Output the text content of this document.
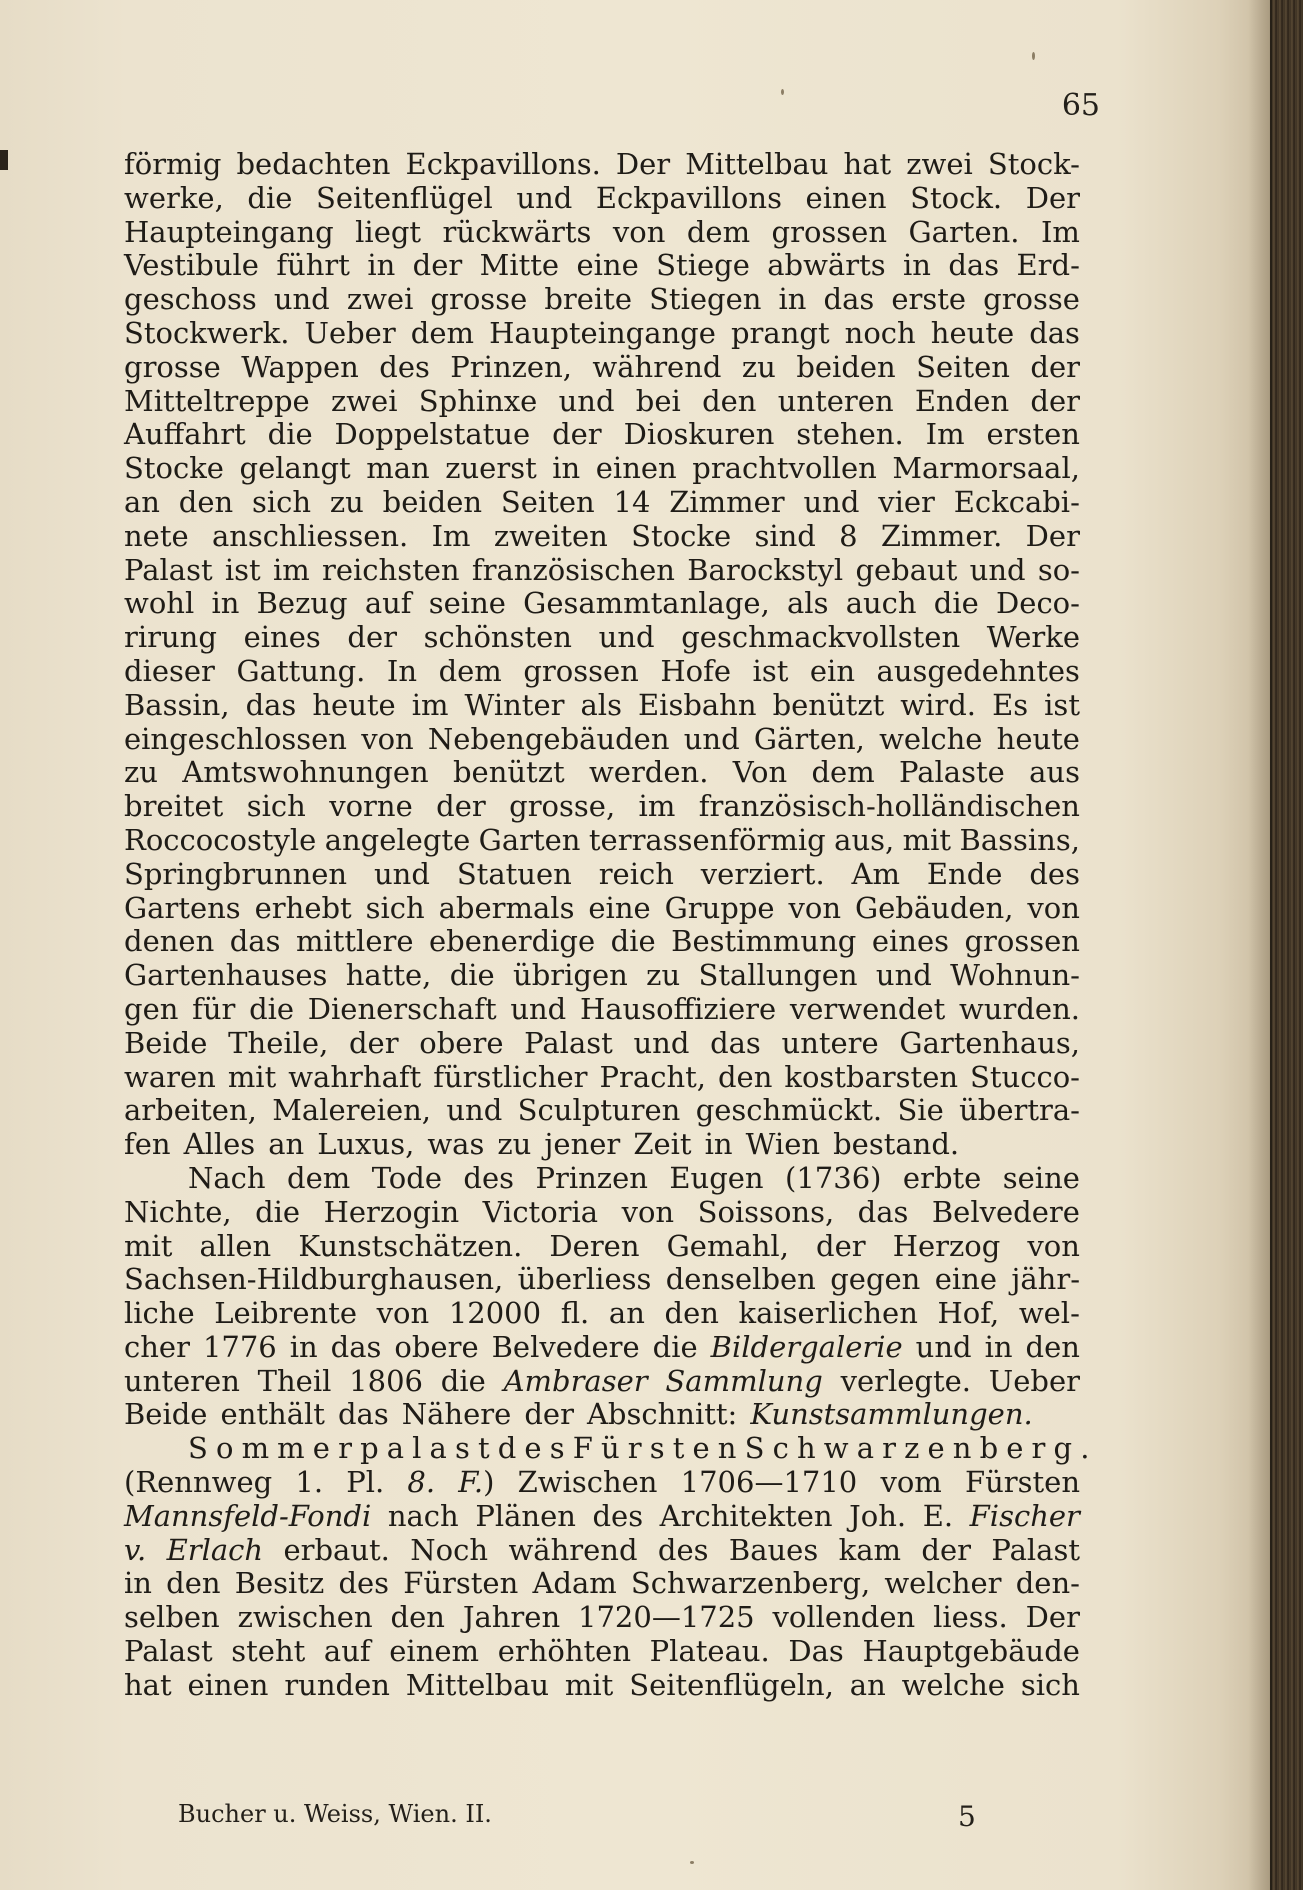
65
förmig bedachten Eckpavillons. Der Mittelbau hat zwei Stock-
werke, die Seitenflügel und Eckpavillons einen Stock. Der
Haupteingang liegt rückwärts von dem grossen Garten. Im
Vestibule führt in der Mitte eine Stiege abwärts in das Erd-
geschoss und zwei grosse breite Stiegen in das erste grosse
Stockwerk. Ueber dem Haupteingange prangt noch heute das
grosse Wappen des Prinzen, während zu beiden Seiten der
Mitteltreppe zwei Sphinxe und bei den unteren Enden der
Auffahrt die Doppelstatue der Dioskuren stehen. Im ersten
Stocke gelangt man zuerst in einen prachtvollen Marmorsaal,
an den sich zu beiden Seiten 14 Zimmer und vier Eckcabi-
nete anschliessen. Im zweiten Stocke sind 8 Zimmer. Der
Palast ist im reichsten französischen Barockstyl gebaut und so-
wohl in Bezug auf seine Gesammtanlage, als auch die Deco-
rirung eines der schönsten und geschmackvollsten Werke
dieser Gattung. In dem grossen Hofe ist ein ausgedehntes
Bassin, das heute im Winter als Eisbahn benützt wird. Es ist
eingeschlossen von Nebengebäuden und Gärten, welche heute
zu Amtswohnungen benützt werden. Von dem Palaste aus
breitet sich vorne der grosse, im französisch-holländischen
Roccocostyle angelegte Garten terrassenförmig aus, mit Bassins,
Springbrunnen und Statuen reich verziert. Am Ende des
Gartens erhebt sich abermals eine Gruppe von Gebäuden, von
denen das mittlere ebenerdige die Bestimmung eines grossen
Gartenhauses hatte, die übrigen zu Stallungen und Wohnun-
gen für die Dienerschaft und Hausoffiziere verwendet wurden.
Beide Theile, der obere Palast und das untere Gartenhaus,
waren mit wahrhaft fürstlicher Pracht, den kostbarsten Stucco-
arbeiten, Malereien, und Sculpturen geschmückt. Sie übertra-
fen Alles an Luxus, was zu jener Zeit in Wien bestand.
Nach dem Tode des Prinzen Eugen (1736) erbte seine
Nichte, die Herzogin Victoria von Soissons, das Belvedere
mit allen Kunstschätzen. Deren Gemahl, der Herzog von
Sachsen-Hildburghausen, überliess denselben gegen eine jähr-
liche Leibrente von 12000 fl. an den kaiserlichen Hof, wel-
cher 1776 in das obere Belvedere die Bildergalerie und in den
unteren Theil 1806 die Ambraser Sammlung verlegte. Ueber
Beide enthält das Nähere der Abschnitt: Kunstsammlungen.
Sommerpalast des Fürsten Schwarzenberg.
(Rennweg 1. Pl. 8. F.) Zwischen 1706—1710 vom Fürsten
Mannsfeld-Fondi nach Plänen des Architekten Joh. E. Fischer
v. Erlach erbaut. Noch während des Baues kam der Palast
in den Besitz des Fürsten Adam Schwarzenberg, welcher den-
selben zwischen den Jahren 1720—1725 vollenden liess. Der
Palast steht auf einem erhöhten Plateau. Das Hauptgebäude
hat einen runden Mittelbau mit Seitenflügeln, an welche sich
Bucher u. Weiss, Wien. II.	5
